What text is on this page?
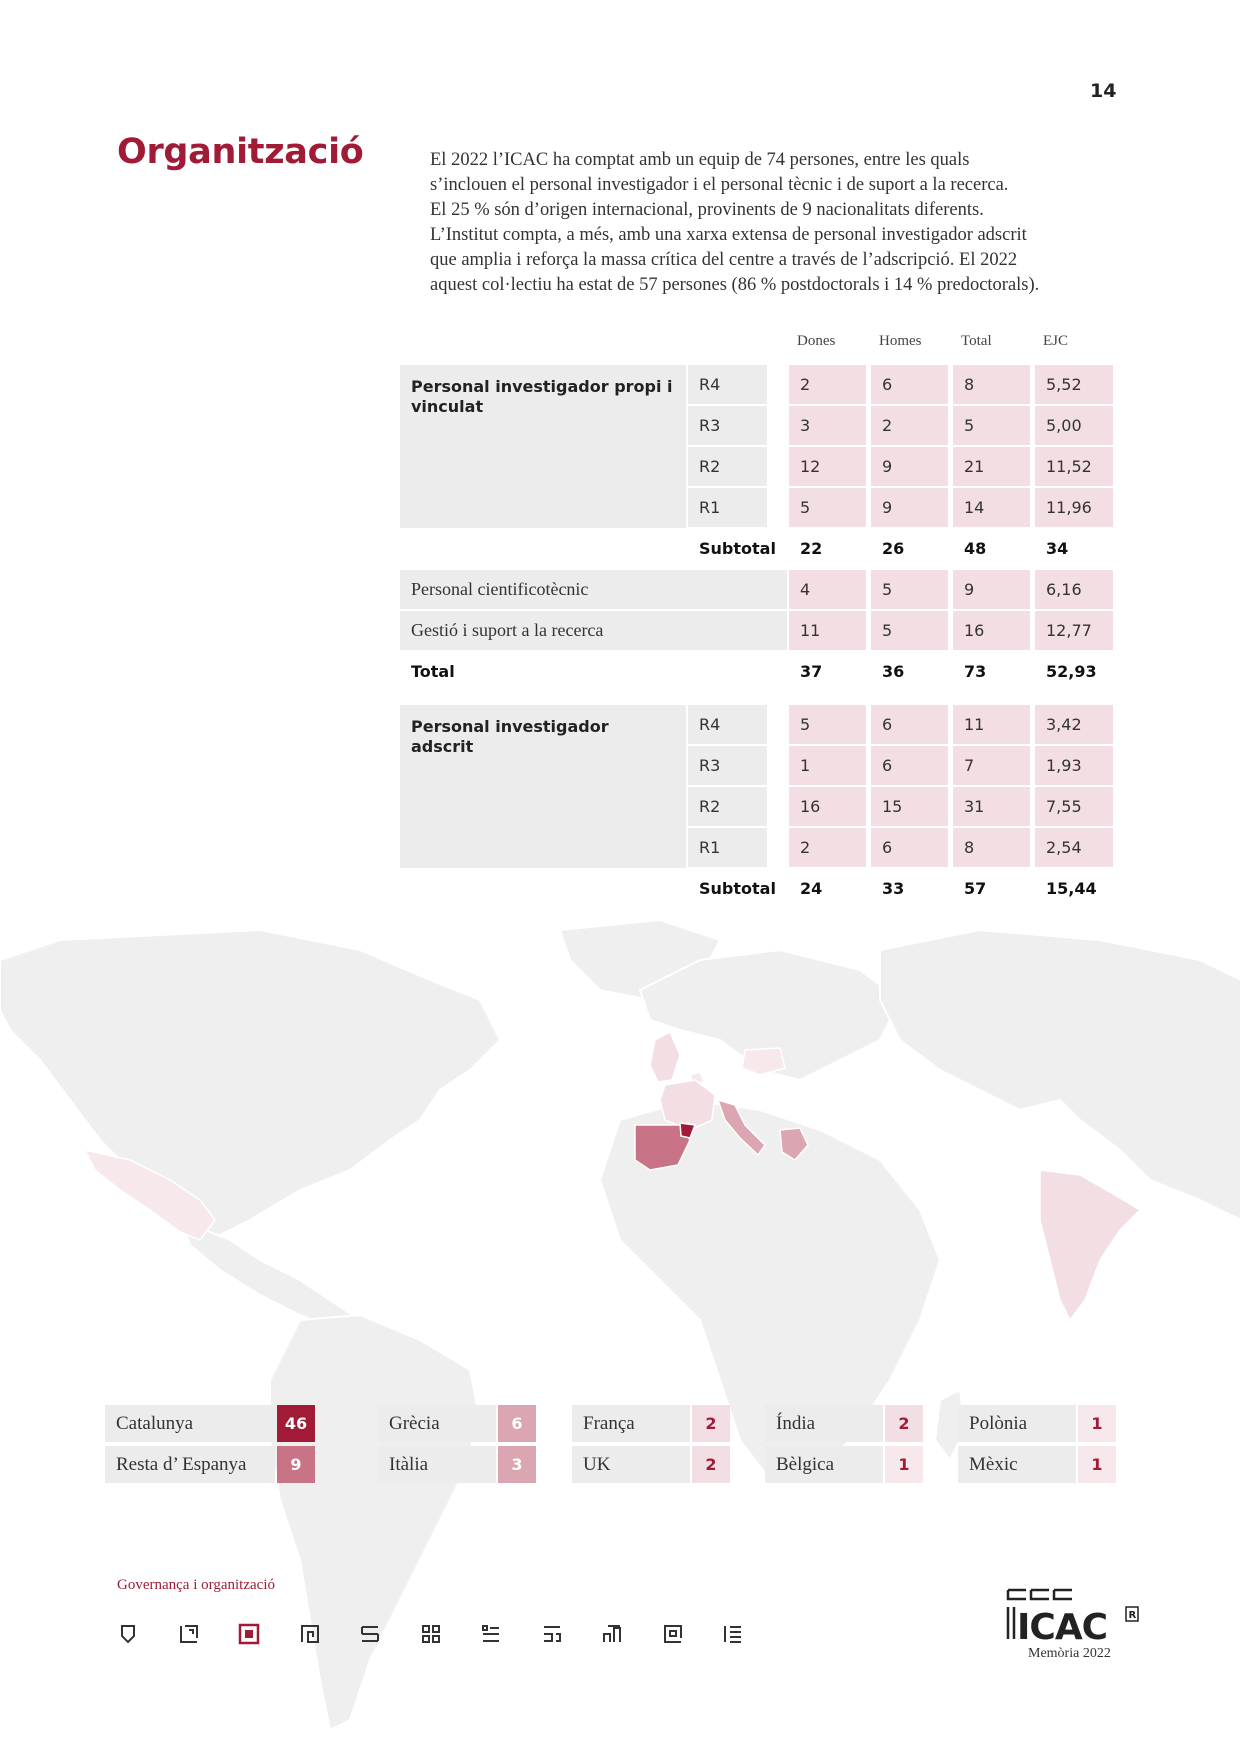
14
Organització	El 2022 l’ICAC ha comptat amb un equip de 74 persones, entre les quals
s’inclouen el personal investigador i el personal tècnic i de suport a la recerca.
El 25 % són d’origen internacional, provinents de 9 nacionalitats diferents.
L’Institut compta, a més, amb una xarxa extensa de personal investigador adscrit
que amplia i reforça la massa crítica del centre a través de l’adscripció. El 2022
aquest col·lectiu ha estat de 57 persones (86 % postdoctorals i 14 % predoctorals).
Dones	Homes	Total	EJC
Personal investigador propi i vinculat
R4	2	6	8	5,52
R3	3	2	5	5,00
R2	12	9	21	11,52
R1	5	9	14	11,96
Subtotal	22	26	48	34
Personal cientificotècnic	4	5	9	6,16
Gestió i suport a la recerca	11	5	16	12,77
Total	37	36	73	52,93
Personal investigador adscrit
R4	5	6	11	3,42
R3	1	6	7	1,93
R2	16	15	31	7,55
R1	2	6	8	2,54
Subtotal	24	33	57	15,44
Catalunya	46
Resta d’ Espanya	9
Grècia	6
Itàlia	3
França	2
UK	2
Índia	2
Bèlgica	1
Polònia	1
Mèxic	1
Governança i organització
ICAC R
Memòria 2022
